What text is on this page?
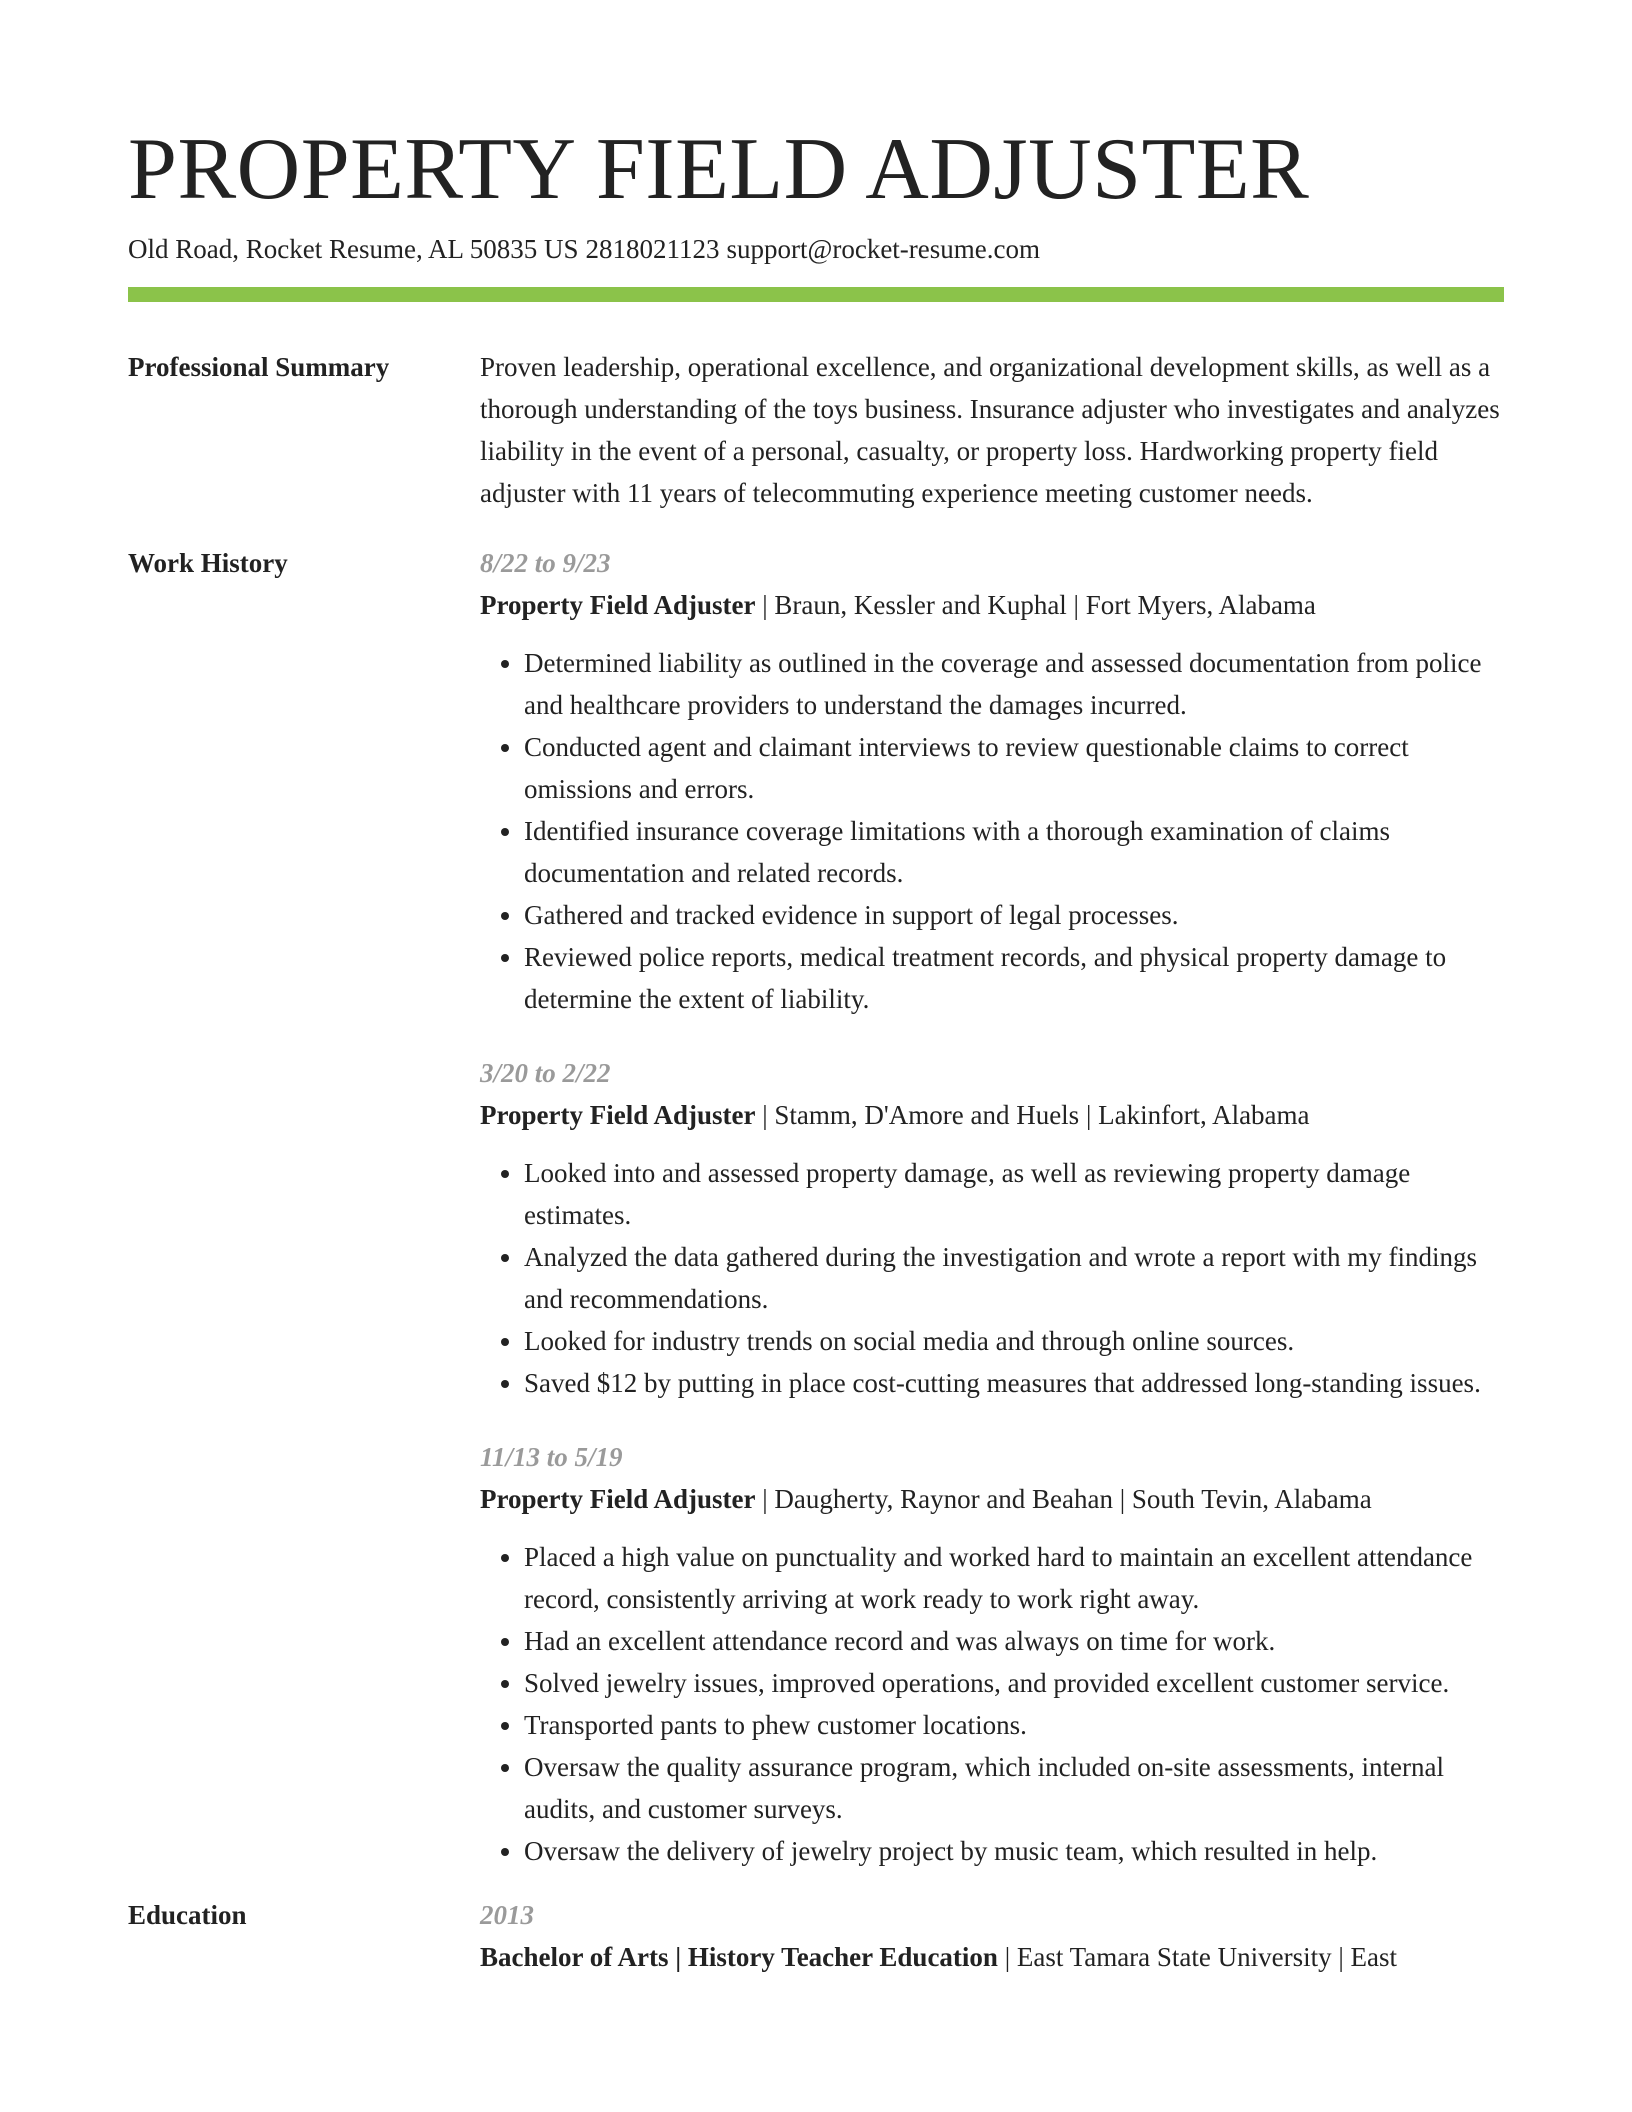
PROPERTY FIELD ADJUSTER
Old Road, Rocket Resume, AL 50835 US 2818021123 support@rocket-resume.com
Professional Summary	Proven leadership, operational excellence, and organizational development skills, as well as a thorough understanding of the toys business. Insurance adjuster who investigates and analyzes liability in the event of a personal, casualty, or property loss. Hardworking property field adjuster with 11 years of telecommuting experience meeting customer needs.

Work History	8/22 to 9/23
Property Field Adjuster | Braun, Kessler and Kuphal | Fort Myers, Alabama
• Determined liability as outlined in the coverage and assessed documentation from police and healthcare providers to understand the damages incurred.
• Conducted agent and claimant interviews to review questionable claims to correct omissions and errors.
• Identified insurance coverage limitations with a thorough examination of claims documentation and related records.
• Gathered and tracked evidence in support of legal processes.
• Reviewed police reports, medical treatment records, and physical property damage to determine the extent of liability.
3/20 to 2/22
Property Field Adjuster | Stamm, D'Amore and Huels | Lakinfort, Alabama
• Looked into and assessed property damage, as well as reviewing property damage estimates.
• Analyzed the data gathered during the investigation and wrote a report with my findings and recommendations.
• Looked for industry trends on social media and through online sources.
• Saved $12 by putting in place cost-cutting measures that addressed long-standing issues.
11/13 to 5/19
Property Field Adjuster | Daugherty, Raynor and Beahan | South Tevin, Alabama
• Placed a high value on punctuality and worked hard to maintain an excellent attendance record, consistently arriving at work ready to work right away.
• Had an excellent attendance record and was always on time for work.
• Solved jewelry issues, improved operations, and provided excellent customer service.
• Transported pants to phew customer locations.
• Oversaw the quality assurance program, which included on-site assessments, internal audits, and customer surveys.
• Oversaw the delivery of jewelry project by music team, which resulted in help.
Education	2013
Bachelor of Arts | History Teacher Education | East Tamara State University | East
